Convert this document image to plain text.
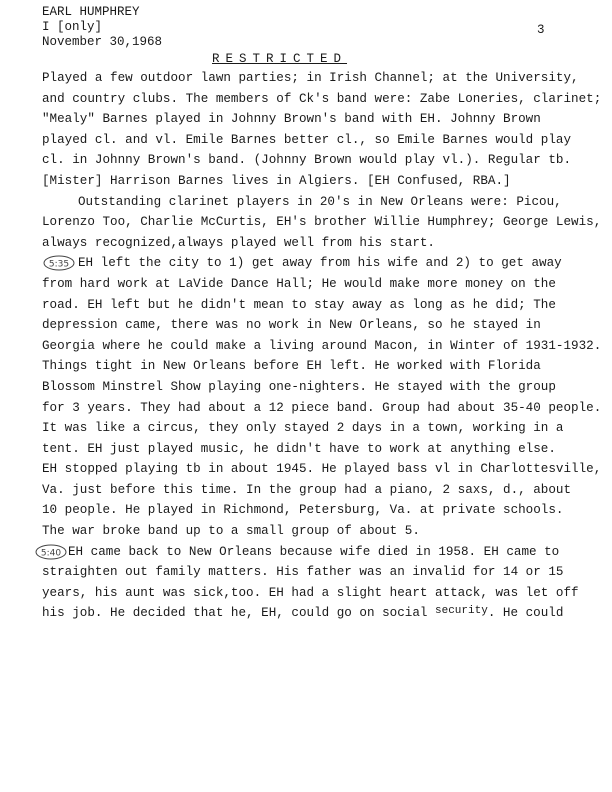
EARL HUMPHREY
I [only]
November 30,1968
3
RESTRICTED
Played a few outdoor lawn parties; in Irish Channel; at the University,
and country clubs. The members of Ck's band were: Zabe Loneries, clarinet;
"Mealy" Barnes played in Johnny Brown's band with EH. Johnny Brown
played cl. and vl. Emile Barnes better cl., so Emile Barnes would play
cl. in Johnny Brown's band. (Johnny Brown would play vl.). Regular tb.
[Mister] Harrison Barnes lives in Algiers. [EH Confused, RBA.]
Outstanding clarinet players in 20's in New Orleans were: Picou,
Lorenzo Too, Charlie McCurtis, EH's brother Willie Humphrey; George Lewis,
always recognized,always played well from his start.
5:35 EH left the city to 1) get away from his wife and 2) to get away
from hard work at LaVide Dance Hall; He would make more money on the
road. EH left but he didn't mean to stay away as long as he did; The
depression came, there was no work in New Orleans, so he stayed in
Georgia where he could make a living around Macon, in Winter of 1931-1932.
Things tight in New Orleans before EH left. He worked with Florida
Blossom Minstrel Show playing one-nighters. He stayed with the group
for 3 years. They had about a 12 piece band. Group had about 35-40 people.
It was like a circus, they only stayed 2 days in a town, working in a
tent. EH just played music, he didn't have to work at anything else.
EH stopped playing tb in about 1945. He played bass vl in Charlottesville,
Va. just before this time. In the group had a piano, 2 saxs, d., about
10 people. He played in Richmond, Petersburg, Va. at private schools.
The war broke band up to a small group of about 5.
5:40 EH came back to New Orleans because wife died in 1958. EH came to
straighten out family matters. His father was an invalid for 14 or 15
years, his aunt was sick,too. EH had a slight heart attack, was let off
his job. He decided that he, EH, could go on social security. He could
